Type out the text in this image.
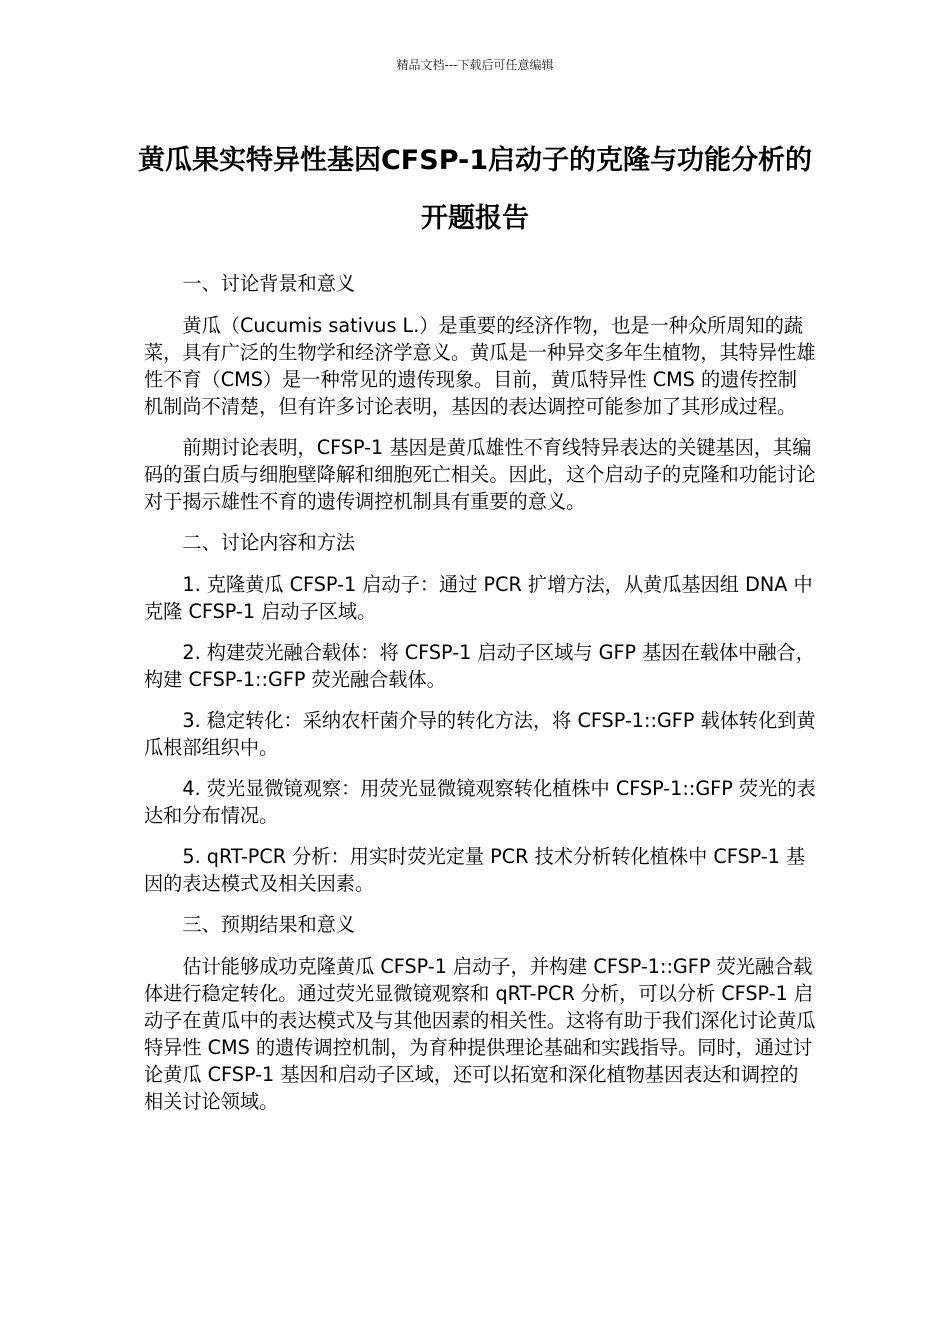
精品文档---下载后可任意编辑
黄瓜果实特异性基因CFSP-1启动子的克隆与功能分析的开题报告

一、讨论背景和意义

黄瓜（Cucumis sativus L.）是重要的经济作物，也是一种众所周知的蔬菜，具有广泛的生物学和经济学意义。黄瓜是一种异交多年生植物，其特异性雄性不育（CMS）是一种常见的遗传现象。目前，黄瓜特异性 CMS 的遗传控制机制尚不清楚，但有许多讨论表明，基因的表达调控可能参加了其形成过程。

前期讨论表明，CFSP-1 基因是黄瓜雄性不育线特异表达的关键基因，其编码的蛋白质与细胞壁降解和细胞死亡相关。因此，这个启动子的克隆和功能讨论对于揭示雄性不育的遗传调控机制具有重要的意义。

二、讨论内容和方法

1. 克隆黄瓜 CFSP-1 启动子：通过 PCR 扩增方法，从黄瓜基因组 DNA 中克隆 CFSP-1 启动子区域。

2. 构建荧光融合载体：将 CFSP-1 启动子区域与 GFP 基因在载体中融合，构建 CFSP-1::GFP 荧光融合载体。

3. 稳定转化：采纳农杆菌介导的转化方法，将 CFSP-1::GFP 载体转化到黄瓜根部组织中。

4. 荧光显微镜观察：用荧光显微镜观察转化植株中 CFSP-1::GFP 荧光的表达和分布情况。

5. qRT-PCR 分析：用实时荧光定量 PCR 技术分析转化植株中 CFSP-1 基因的表达模式及相关因素。

三、预期结果和意义

估计能够成功克隆黄瓜 CFSP-1 启动子，并构建 CFSP-1::GFP 荧光融合载体进行稳定转化。通过荧光显微镜观察和 qRT-PCR 分析，可以分析 CFSP-1 启动子在黄瓜中的表达模式及与其他因素的相关性。这将有助于我们深化讨论黄瓜特异性 CMS 的遗传调控机制，为育种提供理论基础和实践指导。同时，通过讨论黄瓜 CFSP-1 基因和启动子区域，还可以拓宽和深化植物基因表达和调控的相关讨论领域。
